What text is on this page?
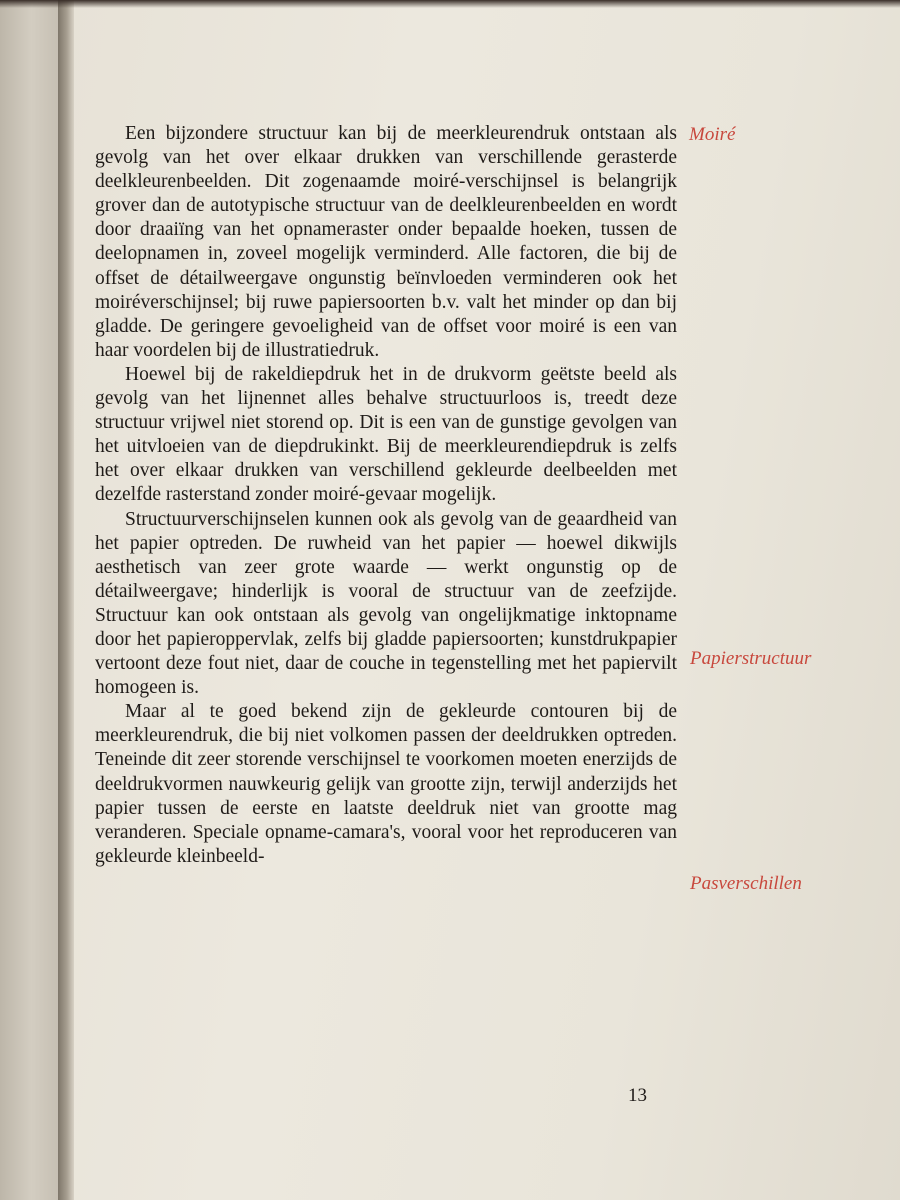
Een bijzondere structuur kan bij de meerkleurendruk ontstaan als gevolg van het over elkaar drukken van verschillende gerasterde deelkleurenbeelden. Dit zogenaamde moiré-verschijnsel is belangrijk grover dan de autotypische structuur van de deelkleurenbeelden en wordt door draaiïng van het opnameraster onder bepaalde hoeken, tussen de deelopnamen in, zoveel mogelijk verminderd. Alle factoren, die bij de offset de détailweergave ongunstig beïnvloeden verminderen ook het moiréverschijnsel; bij ruwe papiersoorten b.v. valt het minder op dan bij gladde. De geringere gevoeligheid van de offset voor moiré is een van haar voordelen bij de illustratiedruk.

Hoewel bij de rakeldiepdruk het in de drukvorm geëtste beeld als gevolg van het lijnennet alles behalve structuurloos is, treedt deze structuur vrijwel niet storend op. Dit is een van de gunstige gevolgen van het uitvloeien van de diepdrukinkt. Bij de meerkleurendiepdruk is zelfs het over elkaar drukken van verschillend gekleurde deelbeelden met dezelfde rasterstand zonder moiré-gevaar mogelijk.

Structuurverschijnselen kunnen ook als gevolg van de geaardheid van het papier optreden. De ruwheid van het papier — hoewel dikwijls aesthetisch van zeer grote waarde — werkt ongunstig op de détailweergave; hinderlijk is vooral de structuur van de zeefzijde. Structuur kan ook ontstaan als gevolg van ongelijkmatige inktopname door het papieroppervlak, zelfs bij gladde papiersoorten; kunstdrukpapier vertoont deze fout niet, daar de couche in tegenstelling met het papiervilt homogeen is.

Maar al te goed bekend zijn de gekleurde contouren bij de meerkleurendruk, die bij niet volkomen passen der deeldrukken optreden. Teneinde dit zeer storende verschijnsel te voorkomen moeten enerzijds de deeldrukvormen nauwkeurig gelijk van grootte zijn, terwijl anderzijds het papier tussen de eerste en laatste deeldruk niet van grootte mag veranderen. Speciale opname-camara's, vooral voor het reproduceren van gekleurde kleinbeeld-

Moiré
Papierstructuur
Pasverschillen
13
